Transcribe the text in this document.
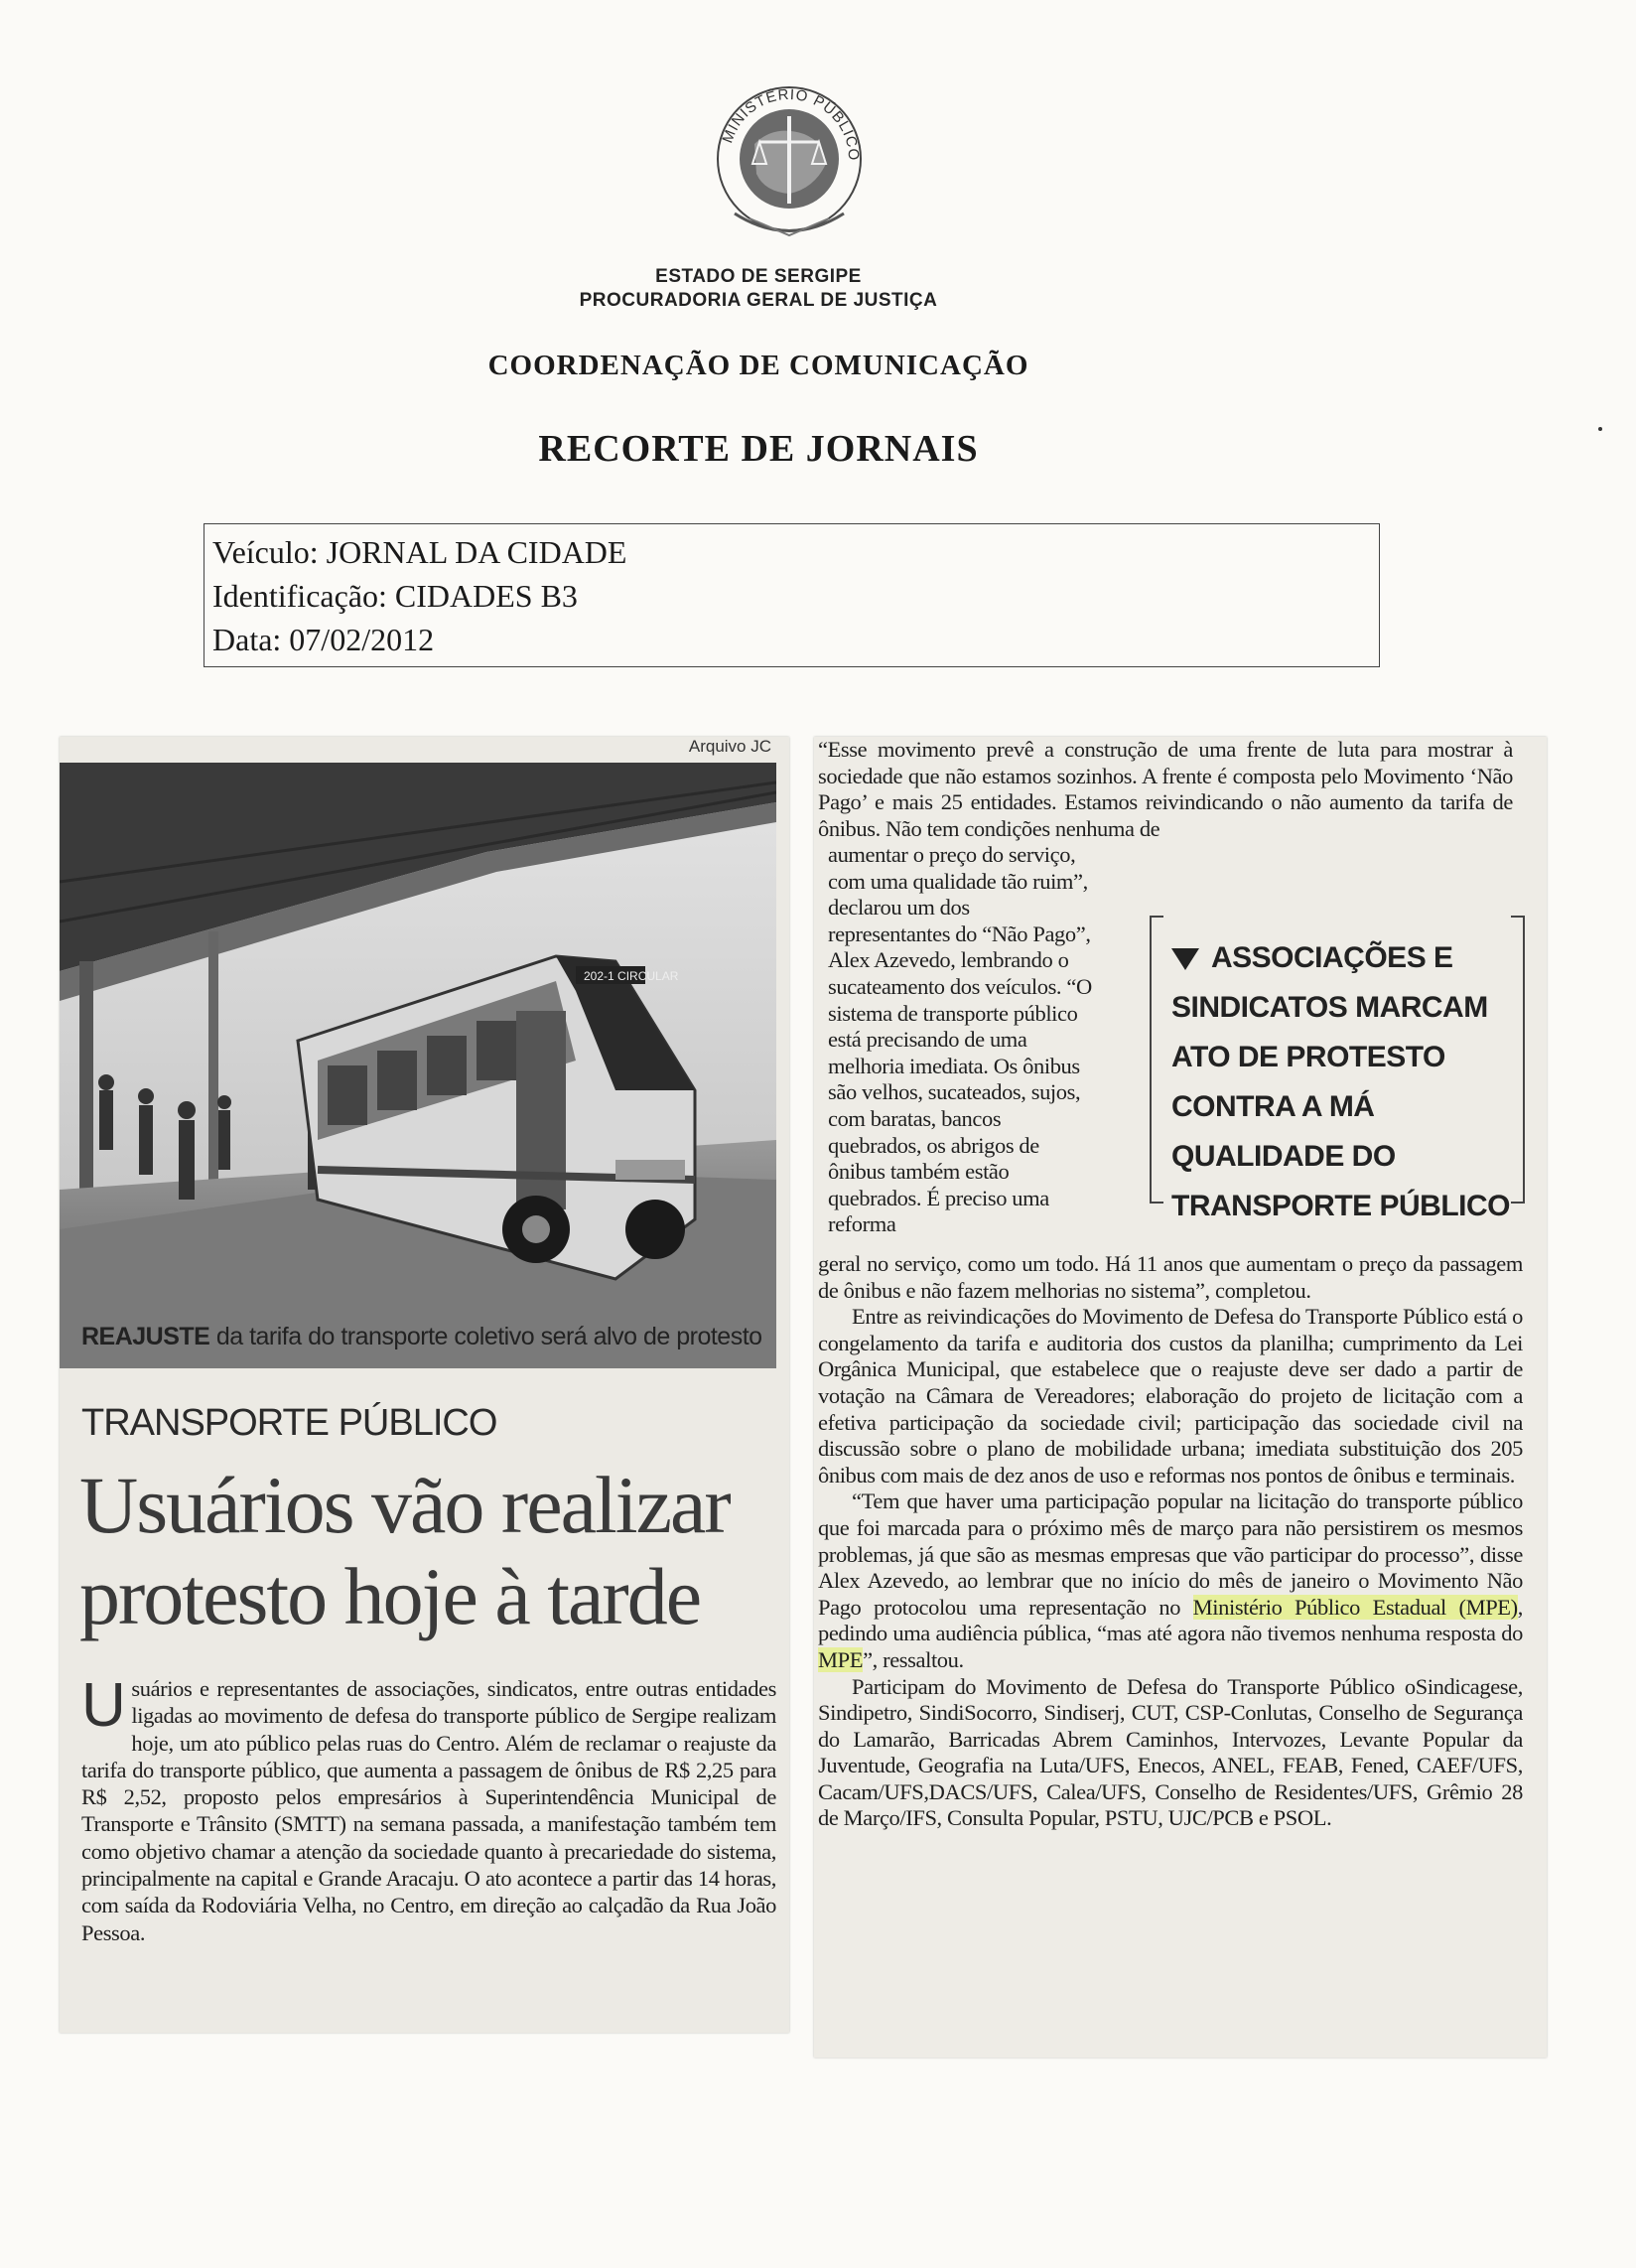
MINISTÉRIO PÚBLICO
ESTADO DE SERGIPE
PROCURADORIA GERAL DE JUSTIÇA
COORDENAÇÃO DE COMUNICAÇÃO
RECORTE DE JORNAIS
Veículo: JORNAL DA CIDADE
Identificação: CIDADES B3
Data: 07/02/2012
Arquivo JC
202-1 CIRCULAR
REAJUSTE da tarifa do transporte coletivo será alvo de protesto
TRANSPORTE PÚBLICO
Usuários vão realizar protesto hoje à tarde
Usuários e representantes de associações, sindicatos, entre outras entidades ligadas ao movimento de defesa do transporte público de Sergipe realizam hoje, um ato público pelas ruas do Centro. Além de reclamar o reajuste da tarifa do transporte público, que aumenta a passagem de ônibus de R$ 2,25 para R$ 2,52, proposto pelos empresários à Superintendência Municipal de Transporte e Trânsito (SMTT) na semana passada, a manifestação também tem como objetivo chamar a atenção da sociedade quanto à precariedade do sistema, principalmente na capital e Grande Aracaju. O ato acontece a partir das 14 horas, com saída da Rodoviária Velha, no Centro, em direção ao calçadão da Rua João Pessoa.
“Esse movimento prevê a construção de uma frente de luta para mostrar à sociedade que não estamos sozinhos. A frente é composta pelo Movimento ‘Não Pago’ e mais 25 entidades. Estamos reivindicando o não aumento da tarifa de ônibus. Não tem condições nenhuma de
aumentar o preço do serviço, com uma qualidade tão ruim”, declarou um dos representantes do “Não Pago”, Alex Azevedo, lembrando o sucateamento dos veículos. “O sistema de transporte público está precisando de uma melhoria imediata. Os ônibus são velhos, sucateados, sujos, com baratas, bancos quebrados, os abrigos de ônibus também estão quebrados. É preciso uma reforma
ASSOCIAÇÕES E SINDICATOS MARCAM ATO DE PROTESTO CONTRA A MÁ QUALIDADE DO TRANSPORTE PÚBLICO

geral no serviço, como um todo. Há 11 anos que aumentam o preço da passagem de ônibus e não fazem melhorias no sistema”, completou.

Entre as reivindicações do Movimento de Defesa do Transporte Público está o congelamento da tarifa e auditoria dos custos da planilha; cumprimento da Lei Orgânica Municipal, que estabelece que o reajuste deve ser dado a partir de votação na Câmara de Vereadores; elaboração do projeto de licitação com a efetiva participação da sociedade civil; participação das sociedade civil na discussão sobre o plano de mobilidade urbana; imediata substituição dos 205 ônibus com mais de dez anos de uso e reformas nos pontos de ônibus e terminais.

“Tem que haver uma participação popular na licitação do transporte público que foi marcada para o próximo mês de março para não persistirem os mesmos problemas, já que são as mesmas empresas que vão participar do processo”, disse Alex Azevedo, ao lembrar que no início do mês de janeiro o Movimento Não Pago protocolou uma representação no Ministério Público Estadual (MPE), pedindo uma audiência pública, “mas até agora não tivemos nenhuma resposta do MPE”, ressaltou.

Participam do Movimento de Defesa do Transporte Público oSindicagese, Sindipetro, SindiSocorro, Sindiserj, CUT, CSP-Conlutas, Conselho de Segurança do Lamarão, Barricadas Abrem Caminhos, Intervozes, Levante Popular da Juventude, Geografia na Luta/UFS, Enecos, ANEL, FEAB, Fened, CAEF/UFS, Cacam/UFS,DACS/UFS, Calea/UFS, Conselho de Residentes/UFS, Grêmio 28 de Março/IFS, Consulta Popular, PSTU, UJC/PCB e PSOL.
